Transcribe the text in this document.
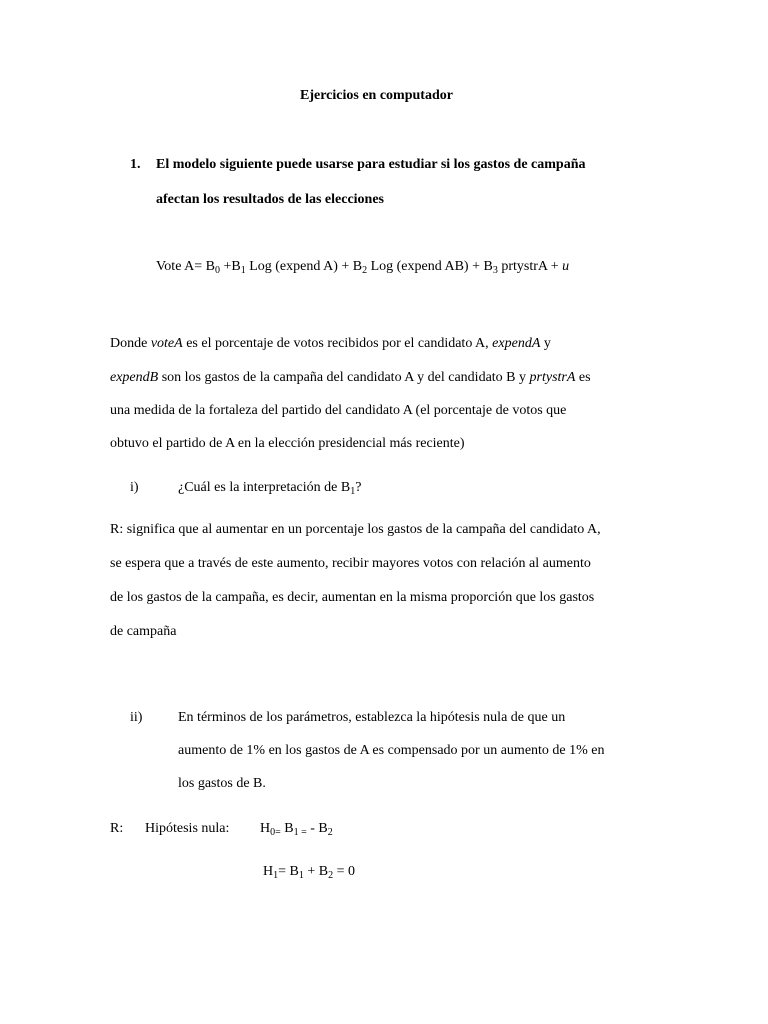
Ejercicios en computador
1. El modelo siguiente puede usarse para estudiar si los gastos de campaña
afectan los resultados de las elecciones
Vote $A= B_0 +B_1$ Log (expend $A) + B_2$ Log (expend $AB) + B_3$ prtystrA + u
Donde voteA es el porcentaje de votos recibidos por el candidato A, expendA y
expendB son los gastos de la campaña del candidato A y del candidato B y prtystrA es
una medida de la fortaleza del partido del candidato A (el porcentaje de votos que
obtuvo el partido de A en la elección presidencial más reciente)
i)	¿Cuál es la interpretación de $B_1$?
R: significa que al aumentar en un porcentaje los gastos de la campaña del candidato A,
se espera que a través de este aumento, recibir mayores votos con relación al aumento
de los gastos de la campaña, es decir, aumentan en la misma proporción que los gastos
de campaña
ii)	En términos de los parámetros, establezca la hipótesis nula de que un
aumento de 1% en los gastos de A es compensado por un aumento de 1% en
los gastos de B.
R: Hipótesis nula: $H_{0=}$ $B_{1 =} - B_2$
$H_1= B_1 + B_2 = 0$
